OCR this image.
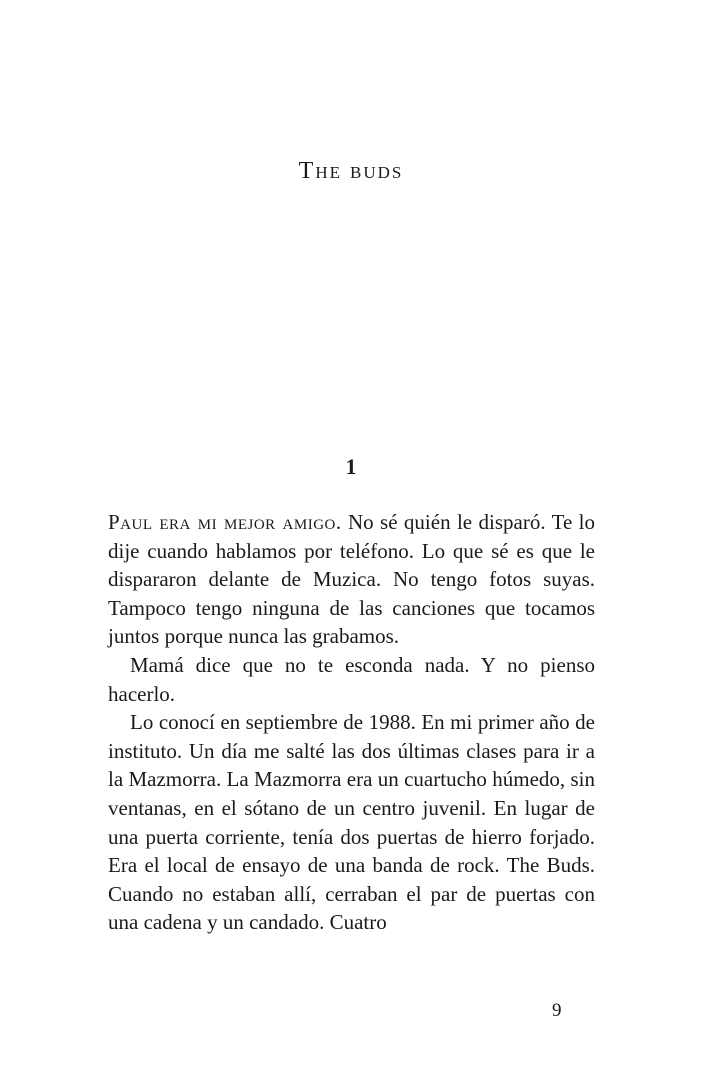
The buds
1

Paul era mi mejor amigo. No sé quién le disparó. Te lo dije cuando hablamos por teléfono. Lo que sé es que le dispararon delante de Muzica. No tengo fotos suyas. Tampoco tengo ninguna de las canciones que tocamos juntos porque nunca las grabamos.

Mamá dice que no te esconda nada. Y no pienso hacerlo.

Lo conocí en septiembre de 1988. En mi primer año de instituto. Un día me salté las dos últimas clases para ir a la Mazmorra. La Mazmorra era un cuartucho húmedo, sin ventanas, en el sótano de un centro juvenil. En lugar de una puerta corriente, tenía dos puertas de hierro forjado. Era el local de ensayo de una banda de rock. The Buds. Cuando no estaban allí, cerraban el par de puertas con una cadena y un candado. Cuatro

9
